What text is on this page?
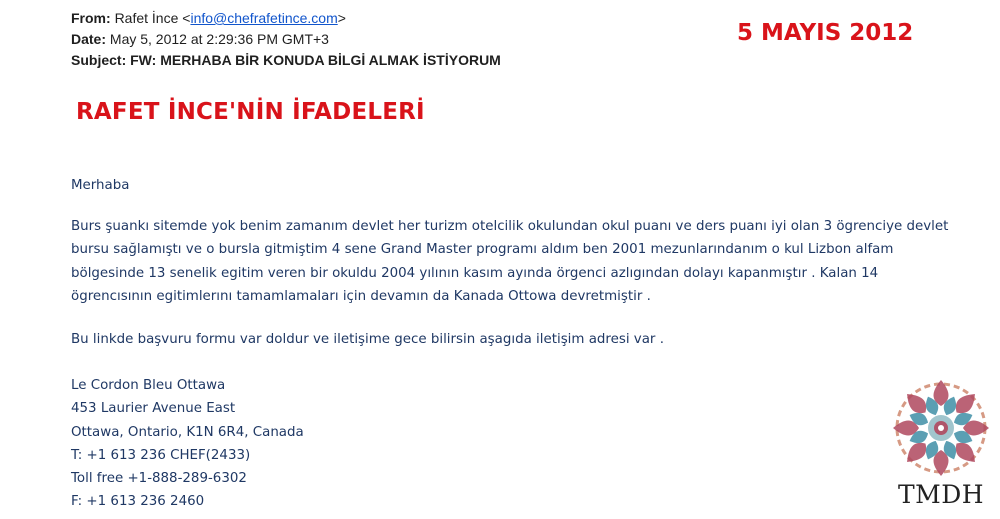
From: Rafet İnce <info@chefrafetince.com>
Date: May 5, 2012 at 2:29:36 PM GMT+3
Subject: FW: MERHABA BİR KONUDA BİLGİ ALMAK İSTİYORUM
5 MAYIS 2012
RAFET İNCE'NİN İFADELERİ

Merhaba

Burs şuankı sitemde yok benim zamanım devlet her turizm otelcilik okulundan okul puanı ve ders puanı iyi olan 3 ögrenciye devlet bursu sağlamıştı ve o bursla gitmiştim 4 sene Grand Master programı aldım ben 2001 mezunlarındanım o kul Lizbon alfam bölgesinde 13 senelik egitim veren bir okuldu 2004 yılının kasım ayında örgenci azlıgından dolayı kapanmıştır . Kalan 14 ögrencısının egitimlerını tamamlamaları için devamın da Kanada Ottowa devretmiştir .

Bu linkde başvuru formu var doldur ve iletişime gece bilirsin aşagıda iletişim adresi var .

Le Cordon Bleu Ottawa

453 Laurier Avenue East

Ottawa, Ontario, K1N 6R4, Canada

T: +1 613 236 CHEF(2433)

Toll free +1-888-289-6302

F: +1 613 236 2460	TMDH
